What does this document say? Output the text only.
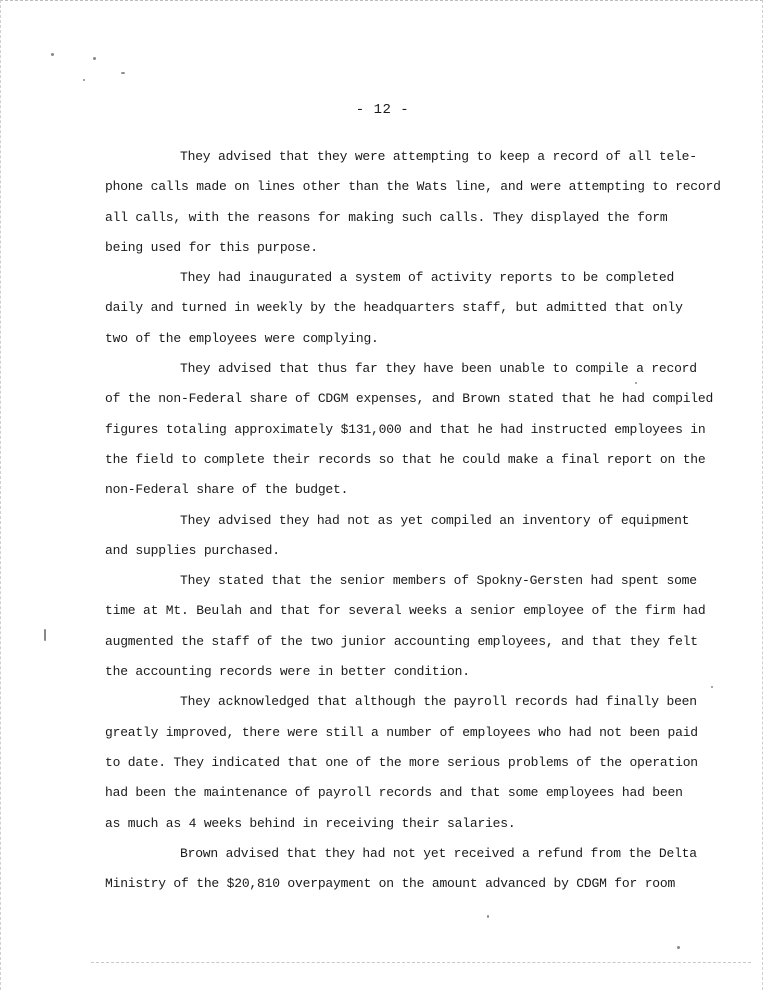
- 12 -
They advised that they were attempting to keep a record of all tele-
phone calls made on lines other than the Wats line, and were attempting to record
all calls, with the reasons for making such calls. They displayed the form
being used for this purpose.
They had inaugurated a system of activity reports to be completed
daily and turned in weekly by the headquarters staff, but admitted that only
two of the employees were complying.
They advised that thus far they have been unable to compile a record
of the non-Federal share of CDGM expenses, and Brown stated that he had compiled
figures totaling approximately $131,000 and that he had instructed employees in
the field to complete their records so that he could make a final report on the
non-Federal share of the budget.
They advised they had not as yet compiled an inventory of equipment
and supplies purchased.
They stated that the senior members of Spokny-Gersten had spent some
time at Mt. Beulah and that for several weeks a senior employee of the firm had
augmented the staff of the two junior accounting employees, and that they felt
the accounting records were in better condition.
They acknowledged that although the payroll records had finally been
greatly improved, there were still a number of employees who had not been paid
to date. They indicated that one of the more serious problems of the operation
had been the maintenance of payroll records and that some employees had been
as much as 4 weeks behind in receiving their salaries.
Brown advised that they had not yet received a refund from the Delta
Ministry of the $20,810 overpayment on the amount advanced by CDGM for room
